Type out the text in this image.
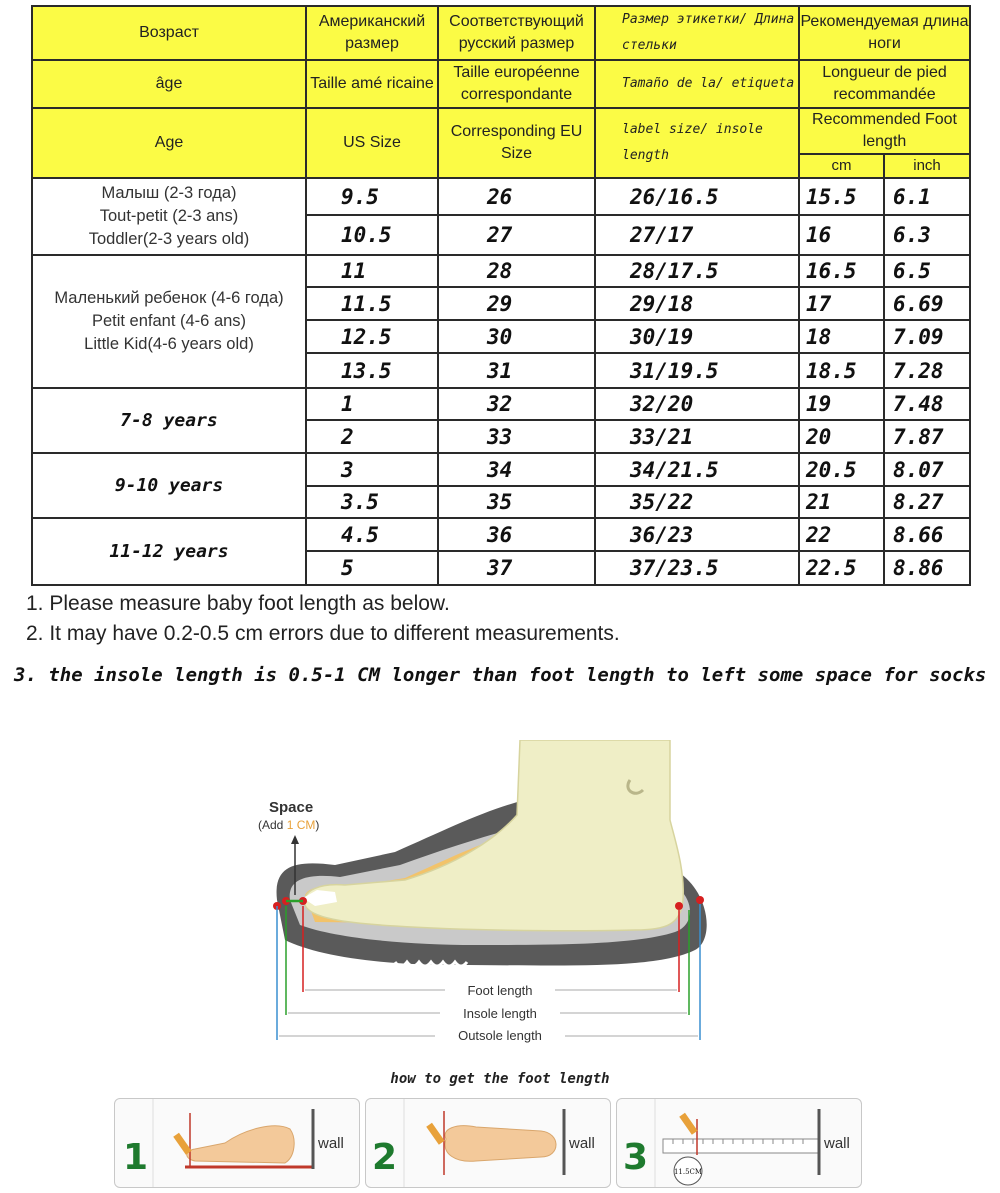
Возраст	Американский размер	Соответствующий русский размер	Размер этикетки/ Длина стельки	Рекомендуемая длина ноги	
âge	Taille amé ricaine	Taille européenne correspondante	Tamaño de la/ etiqueta	Longueur de pied recommandée	
Age	US Size	Corresponding EU Size	label size/ insole length	Recommended Foot length	
				cm	inch

Малыш (2-3 года)
Tout-petit (2-3 ans)
Toddler(2-3 years old)	9.5	26	26/16.5	15.5	6.1
	10.5	27	27/17	16	6.3

Маленький ребенок (4-6 года)
Petit enfant (4-6 ans)
Little Kid(4-6 years old)	11	28	28/17.5	16.5	6.5
	11.5	29	29/18	17	6.69
	12.5	30	30/19	18	7.09
	13.5	31	31/19.5	18.5	7.28
7-8 years	1	32	32/20	19	7.48
	2	33	33/21	20	7.87
9-10 years	3	34	34/21.5	20.5	8.07
	3.5	35	35/22	21	8.27
11-12 years	4.5	36	36/23	22	8.66
	5	37	37/23.5	22.5	8.86
1. Please measure baby foot length as below.
2. It may have 0.2-0.5 cm errors due to different measurements.
3. the insole length is 0.5-1 CM longer than foot length to left some space for socks
Space
(Add 1 CM)
Foot length
Insole length
Outsole length
how to get the foot length
1	wall 2	wall 3	11.5CM
wall
